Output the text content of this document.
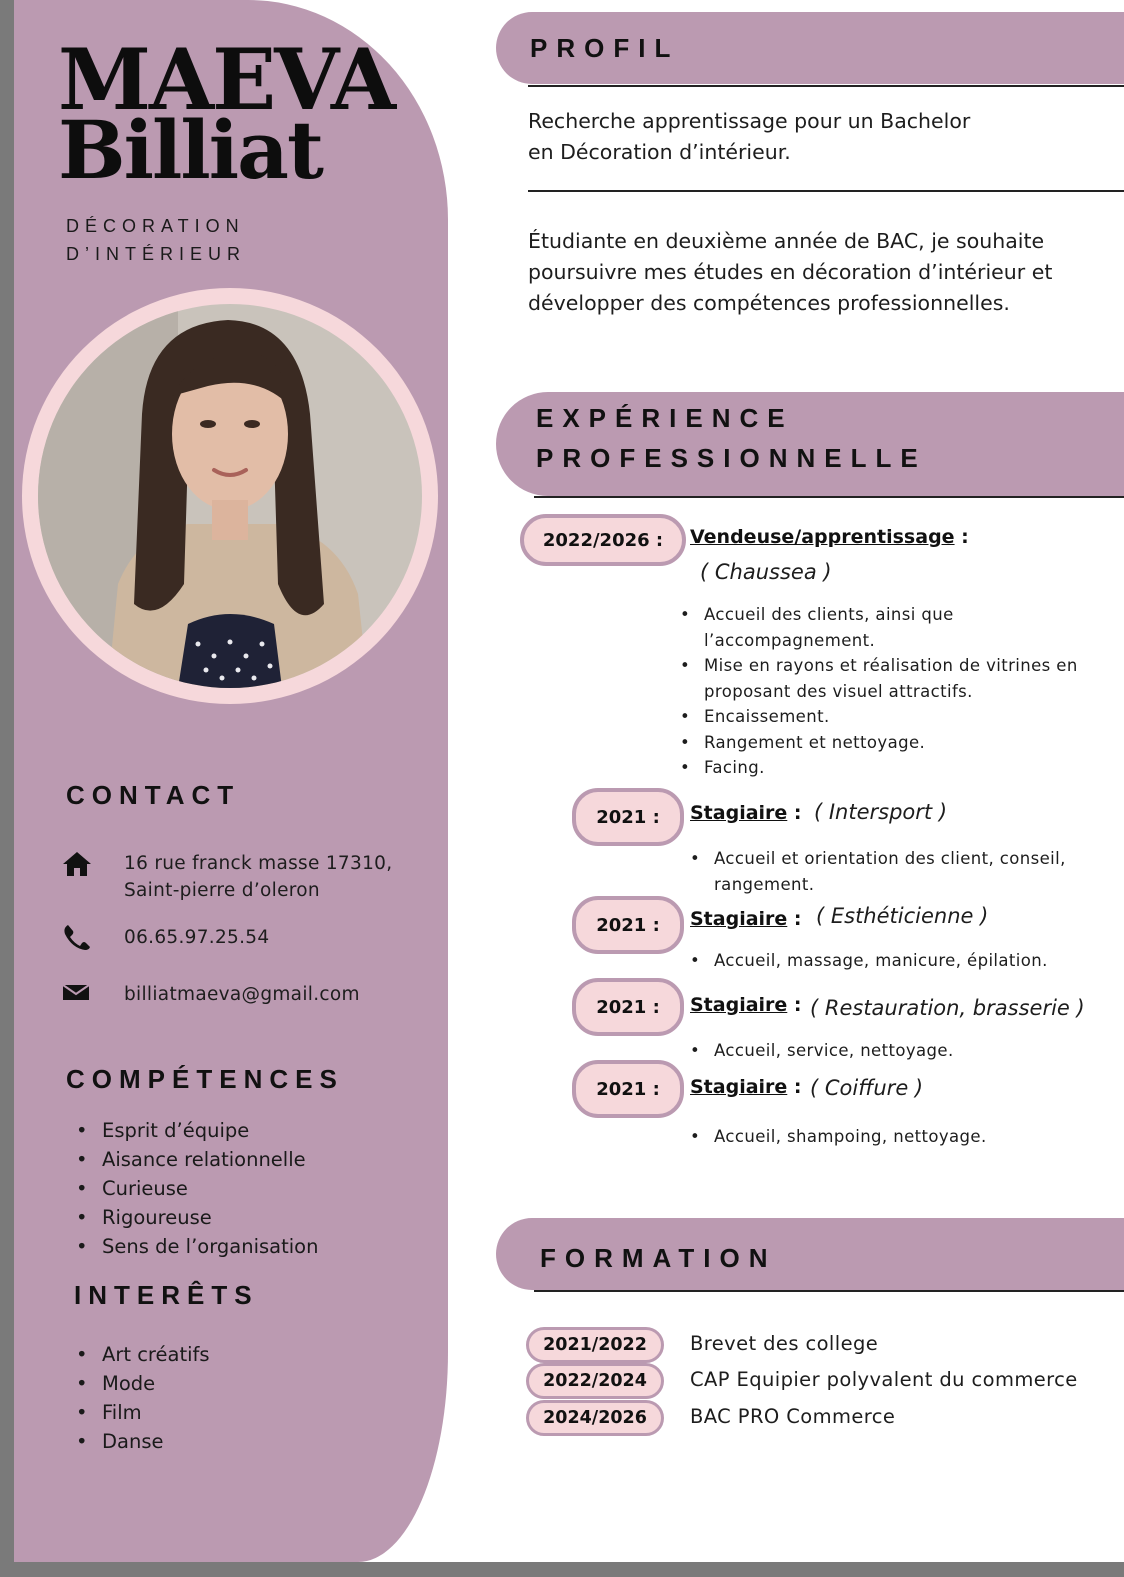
MAEVA
Billiat
DÉCORATION
D’INTÉRIEUR
CONTACT
16 rue franck masse 17310,
Saint-pierre d’oleron
06.65.97.25.54
billiatmaeva@gmail.com
COMPÉTENCES
• Esprit d’équipe
• Aisance relationnelle
• Curieuse
• Rigoureuse
• Sens de l’organisation
INTERÊTS
• Art créatifs
• Mode
• Film
• Danse
PROFIL
Recherche apprentissage pour un Bachelor
en Décoration d’intérieur.
Étudiante en deuxième année de BAC, je souhaite
poursuivre mes études en décoration d’intérieur et
développer des compétences professionnelles.
EXPÉRIENCE
PROFESSIONNELLE
2022/2026 :	Vendeuse/apprentissage :
( Chaussea )
• Accueil des clients, ainsi que l’accompagnement.
• Mise en rayons et réalisation de vitrines en proposant des visuel attractifs.
• Encaissement.
• Rangement et nettoyage.
• Facing.
2021 :	Stagiaire : ( Intersport )
• Accueil et orientation des client, conseil, rangement.
2021 :	Stagiaire : ( Esthéticienne )
• Accueil, massage, manicure, épilation.
2021 :	Stagiaire : ( Restauration, brasserie )
• Accueil, service, nettoyage.
2021 :	Stagiaire : ( Coiffure )
• Accueil, shampoing, nettoyage.
FORMATION
2021/2022	Brevet des college
2022/2024	CAP Equipier polyvalent du commerce
2024/2026	BAC PRO Commerce
